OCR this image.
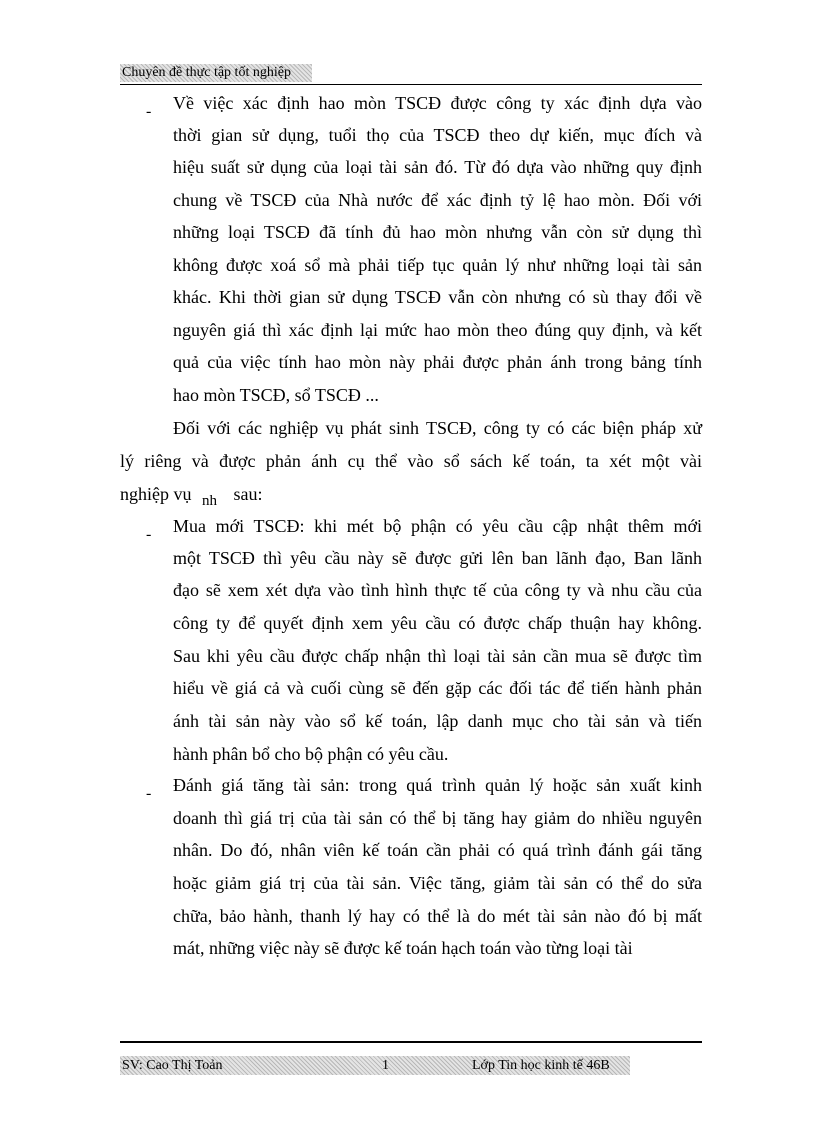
Chuyên đề thực tập tốt nghiệp
- Về việc xác định hao mòn TSCĐ được công ty xác định dựa vào
thời gian sử dụng, tuổi thọ của TSCĐ theo dự kiến, mục đích và
hiệu suất sử dụng của loại tài sản đó. Từ đó dựa vào những quy định
chung về TSCĐ của Nhà nước để xác định tỷ lệ hao mòn. Đối với
những loại TSCĐ đã tính đủ hao mòn nhưng vẫn còn sử dụng thì
không được xoá sổ mà phải tiếp tục quản lý như những loại tài sản
khác. Khi thời gian sử dụng TSCĐ vẫn còn nhưng có sù thay đổi về
nguyên giá thì xác định lại mức hao mòn theo đúng quy định, và kết
quả của việc tính hao mòn này phải được phản ánh trong bảng tính
hao mòn TSCĐ, sổ TSCĐ ...
Đối với các nghiệp vụ phát sinh TSCĐ, công ty có các biện pháp xử
lý riêng và được phản ánh cụ thể vào sổ sách kế toán, ta xét một vài
nghiệp vụ $_{nh}$ sau:
- Mua mới TSCĐ: khi mét bộ phận có yêu cầu cập nhật thêm mới
một TSCĐ thì yêu cầu này sẽ được gửi lên ban lãnh đạo, Ban lãnh
đạo sẽ xem xét dựa vào tình hình thực tế của công ty và nhu cầu của
công ty để quyết định xem yêu cầu có được chấp thuận hay không.
Sau khi yêu cầu được chấp nhận thì loại tài sản cần mua sẽ được tìm
hiểu về giá cả và cuối cùng sẽ đến gặp các đối tác để tiến hành phản
ánh tài sản này vào sổ kế toán, lập danh mục cho tài sản và tiến
hành phân bổ cho bộ phận có yêu cầu.
- Đánh giá tăng tài sản: trong quá trình quản lý hoặc sản xuất kinh
doanh thì giá trị của tài sản có thể bị tăng hay giảm do nhiều nguyên
nhân. Do đó, nhân viên kế toán cần phải có quá trình đánh gái tăng
hoặc giảm giá trị của tài sản. Việc tăng, giảm tài sản có thể do sửa
chữa, bảo hành, thanh lý hay có thể là do mét tài sản nào đó bị mất
mát, những việc này sẽ được kế toán hạch toán vào từng loại tài
SV: Cao Thị Toản	1	Lớp Tin học kinh tế 46B
